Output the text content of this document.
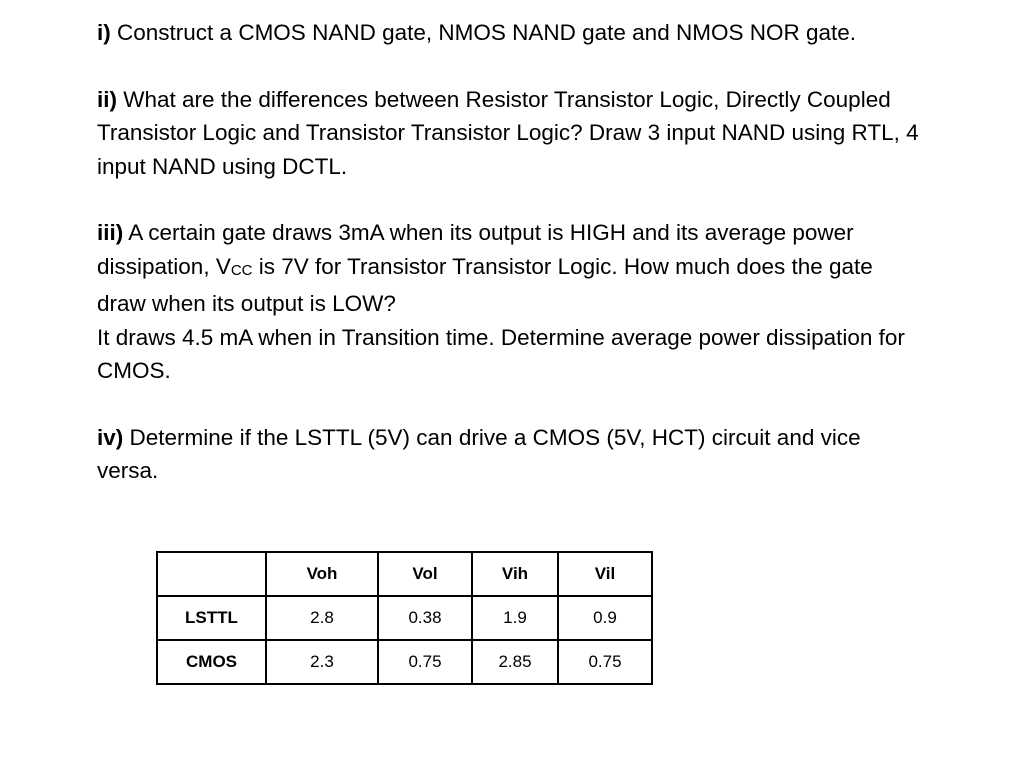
i) Construct a CMOS NAND gate, NMOS NAND gate and NMOS NOR gate.

ii) What are the differences between Resistor Transistor Logic, Directly Coupled Transistor Logic and Transistor Transistor Logic? Draw 3 input NAND using RTL, 4 input NAND using DCTL.

iii) A certain gate draws 3mA when its output is HIGH and its average power dissipation, VCC is 7V for Transistor Transistor Logic. How much does the gate draw when its output is LOW?
It draws 4.5 mA when in Transition time. Determine average power dissipation for CMOS.

iv) Determine if the LSTTL (5V) can drive a CMOS (5V, HCT) circuit and vice versa.

	Voh	Vol	Vih	Vil
LSTTL	2.8	0.38	1.9	0.9
CMOS	2.3	0.75	2.85	0.75
